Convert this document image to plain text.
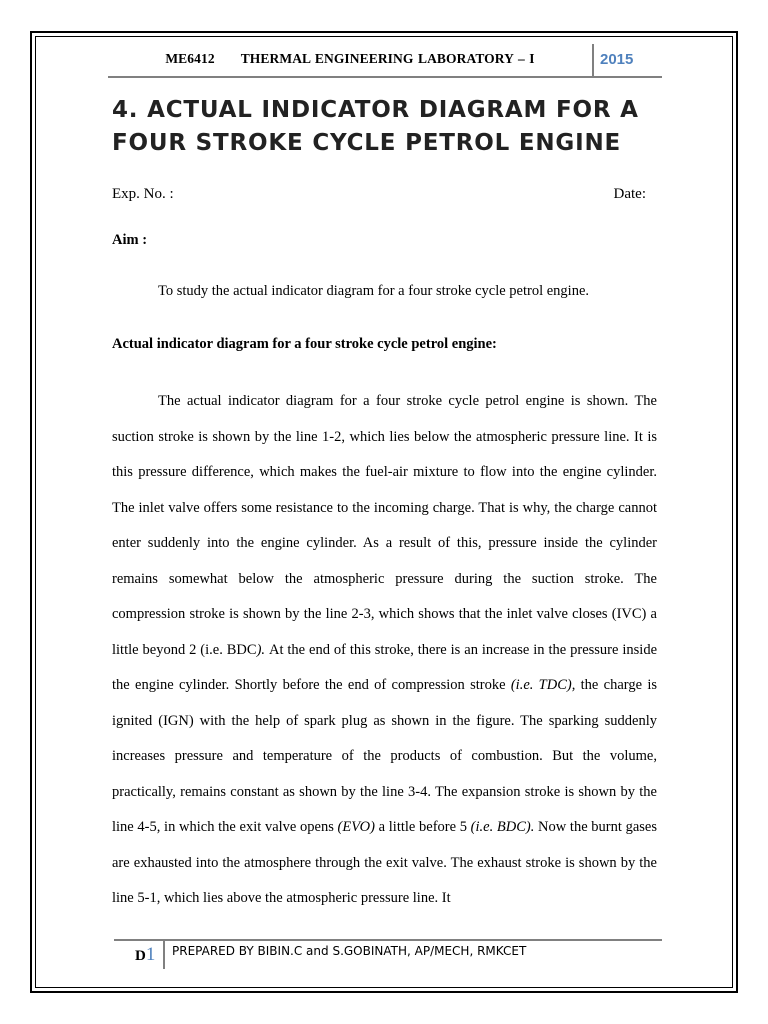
ME6412 THERMAL ENGINEERING LABORATORY – I	2015
4. ACTUAL INDICATOR DIAGRAM FOR A FOUR STROKE CYCLE PETROL ENGINE
Exp. No. :	Date:
Aim :
To study the actual indicator diagram for a four stroke cycle petrol engine.
Actual indicator diagram for a four stroke cycle petrol engine:

The actual indicator diagram for a four stroke cycle petrol engine is shown. The suction stroke is shown by the line 1-2, which lies below the atmospheric pressure line. It is this pressure difference, which makes the fuel-air mixture to flow into the engine cylinder. The inlet valve offers some resistance to the incoming charge. That is why, the charge cannot enter suddenly into the engine cylinder. As a result of this, pressure inside the cylinder remains somewhat below the atmospheric pressure during the suction stroke. The compression stroke is shown by the line 2-3, which shows that the inlet valve closes (IVC) a little beyond 2 (i.e. BDC). At the end of this stroke, there is an increase in the pressure inside the engine cylinder. Shortly before the end of compression stroke (i.e. TDC), the charge is ignited (IGN) with the help of spark plug as shown in the figure. The sparking suddenly increases pressure and temperature of the products of combustion. But the volume, practically, remains constant as shown by the line 3-4. The expansion stroke is shown by the line 4-5, in which the exit valve opens (EVO) a little before 5 (i.e. BDC). Now the burnt gases are exhausted into the atmosphere through the exit valve. The exhaust stroke is shown by the line 5-1, which lies above the atmospheric pressure line. It

D1 PREPARED BY BIBIN.C and S.GOBINATH, AP/MECH, RMKCET
